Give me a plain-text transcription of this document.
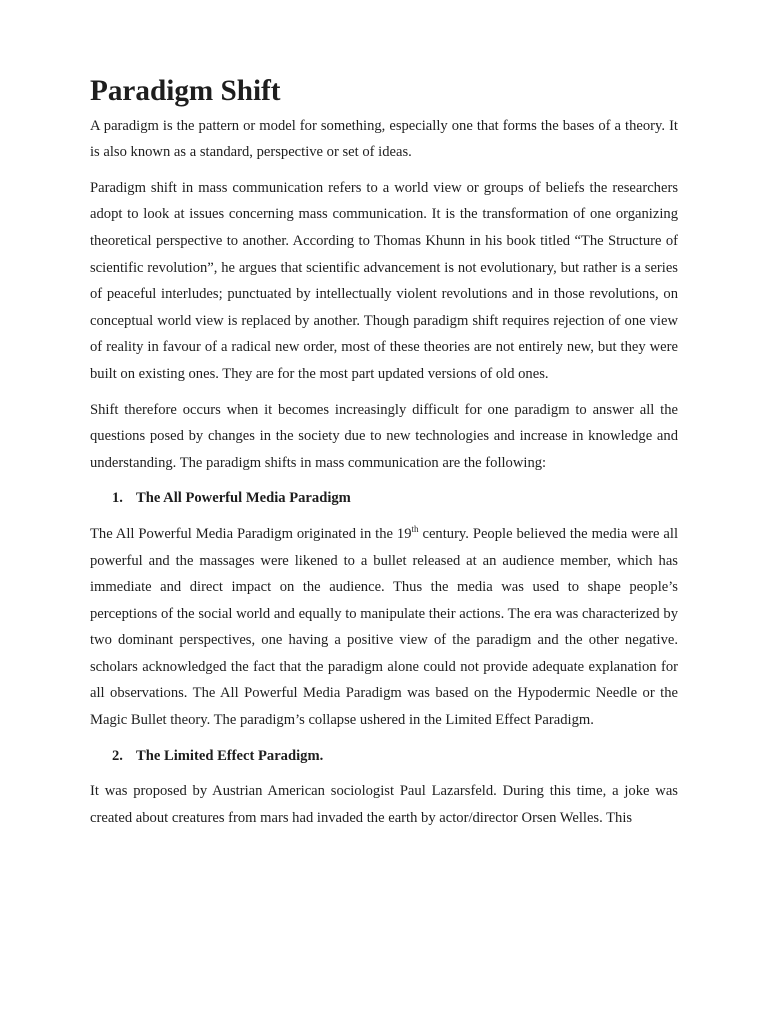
Paradigm Shift

A paradigm is the pattern or model for something, especially one that forms the bases of a theory. It is also known as a standard, perspective or set of ideas.

Paradigm shift in mass communication refers to a world view or groups of beliefs the researchers adopt to look at issues concerning mass communication. It is the transformation of one organizing theoretical perspective to another. According to Thomas Khunn in his book titled “The Structure of scientific revolution”, he argues that scientific advancement is not evolutionary, but rather is a series of peaceful interludes; punctuated by intellectually violent revolutions and in those revolutions, on conceptual world view is replaced by another. Though paradigm shift requires rejection of one view of reality in favour of a radical new order, most of these theories are not entirely new, but they were built on existing ones. They are for the most part updated versions of old ones.

Shift therefore occurs when it becomes increasingly difficult for one paradigm to answer all the questions posed by changes in the society due to new technologies and increase in knowledge and understanding. The paradigm shifts in mass communication are the following:

1. The All Powerful Media Paradigm

The All Powerful Media Paradigm originated in the 19th century. People believed the media were all powerful and the massages were likened to a bullet released at an audience member, which has immediate and direct impact on the audience. Thus the media was used to shape people’s perceptions of the social world and equally to manipulate their actions. The era was characterized by two dominant perspectives, one having a positive view of the paradigm and the other negative. scholars acknowledged the fact that the paradigm alone could not provide adequate explanation for all observations. The All Powerful Media Paradigm was based on the Hypodermic Needle or the Magic Bullet theory. The paradigm’s collapse ushered in the Limited Effect Paradigm.

2. The Limited Effect Paradigm.

It was proposed by Austrian American sociologist Paul Lazarsfeld. During this time, a joke was created about creatures from mars had invaded the earth by actor/director Orsen Welles. This
